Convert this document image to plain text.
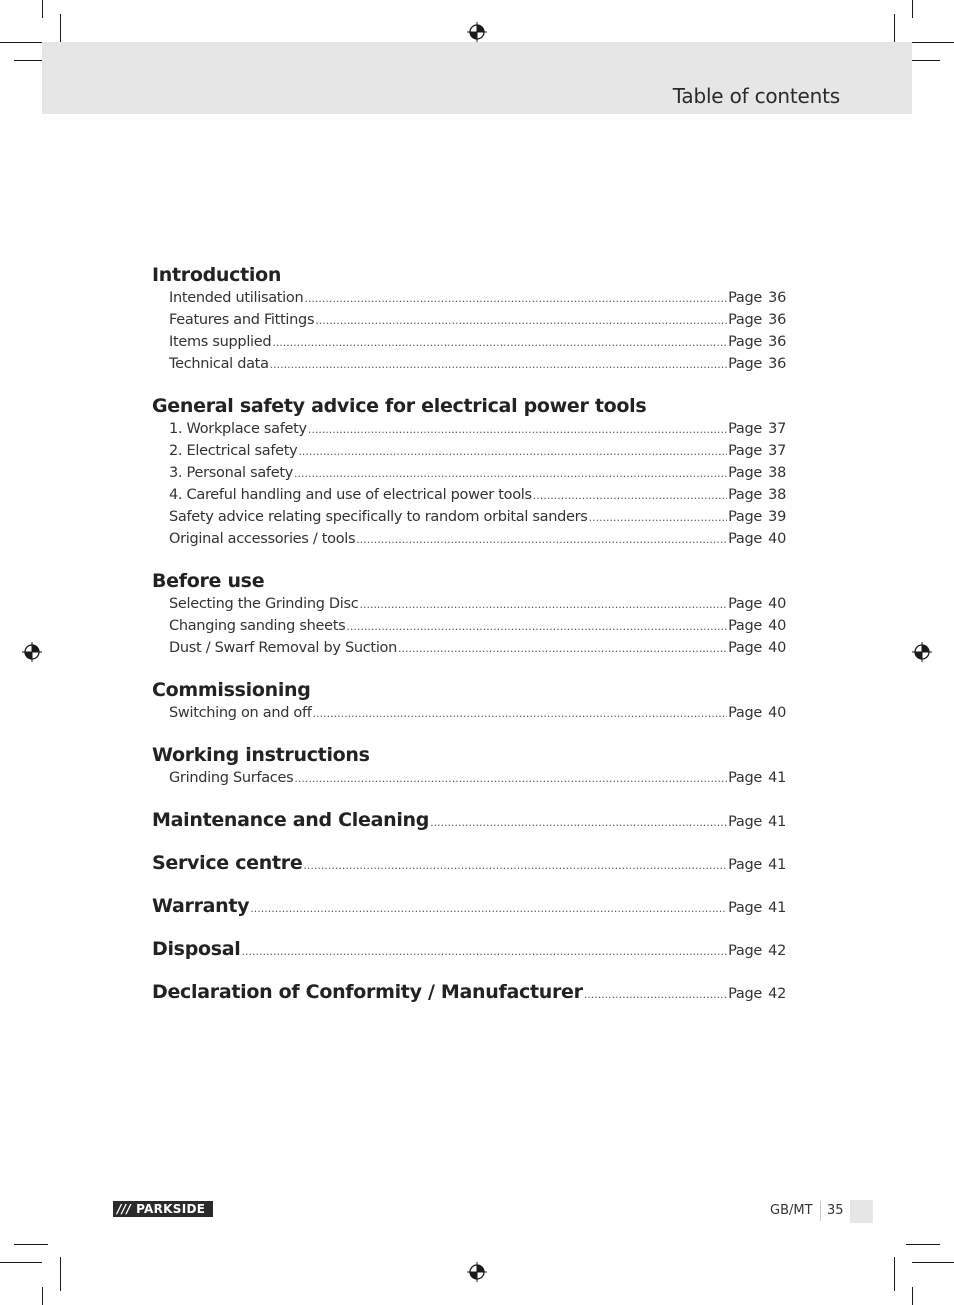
Table of contents
Introduction
Intended utilisation .....	Page 36
Features and Fittings .....	Page 36
Items supplied .....	Page 36
Technical data .....	Page 36
General safety advice for electrical power tools
1. Workplace safety .....	Page 37
2. Electrical safety .....	Page 37
3. Personal safety .....	Page 38
4. Careful handling and use of electrical power tools .....	Page 38
Safety advice relating specifically to random orbital sanders .....	Page 39
Original accessories / tools .....	Page 40
Before use
Selecting the Grinding Disc .....	Page 40
Changing sanding sheets .....	Page 40
Dust / Swarf Removal by Suction .....	Page 40
Commissioning
Switching on and off .....	Page 40
Working instructions
Grinding Surfaces .....	Page 41
Maintenance and Cleaning .....	Page 41
Service centre .....	Page 41
Warranty .....	Page 41
Disposal .....	Page 42
Declaration of Conformity / Manufacturer .....	Page 42
/// PARKSIDE	GB/MT 35
